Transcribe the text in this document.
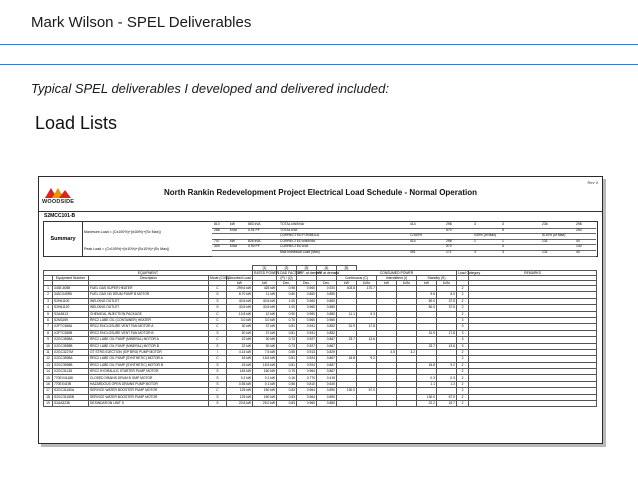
Mark Wilson - SPEL Deliverables
Typical SPEL deliverables I developed and delivered included:
Load Lists
WOODSIDE
North Rankin Redevelopment Project Electrical Load Schedule - Normal Operation
Rev 0
S2MCC101-B
Summary
Maximum Load = (Cx100%)+(Ix30%)+(Sx Max))
Peak Load = (Cx100%)+(Ix10%)+(Sx10%)+(Sx Max))
810	kW	683 kVA	TOTAL kW/kVAr	414	298	3	3	236	298
286	kVAr	0.91 PF	TOTAL kVA	570	5	294
CORRECTED FORMULA	C/100%	I/30% (of Max)	S/10% (of Max)
747	kW	626 kVA	CORRECTED kW/kVAr	414	298	1	1	131	40
304	kVAr	0.90 PF	CORRECTED kVA	570	4	140
Max Individual Load (Max)	491	171	3	3	131	40
					[1]	[2]	[3]	[4]	[5]							
EQUIPMENT					RATED POWER	LOAD FACTOR	EFF. at demand	PF at demand	CONSUMED POWER						Load Category	REMARKS
	Equipment Number	Description	Mode (C/I/S)	Absorbed Load		(P) / (Q)			Continuous (C)		Intermittent (I)		Standby (S)			
				kW	kW	Dec.	Dec.	Dec.	kW	kVAr	kW	kVAr	kW	kVAr		
1	343E-6058	FUEL GAS SUPER HEATER	C	299.6 kW	425 kW	0.98	0.960	0.920	403.8	170.7					2	
2	343CX45R6	FUEL GAS HD DRUM PUMP B MOTOR	S	8.70 kW	11 kW	0.80	0.860	0.850					9.6	6.0	2	
3	S2H61100	WELDING OUTLET	S	40.8 kW	40.8 kW	1.00	0.960	0.860					50.0	37.5	2	
4	S2H61120	WELDING OUTLET	S	40.8 kW	40.8 kW	1.00	0.960	0.860					50.0	37.5	2	
5	S2AA513	CHEMICAL INJECTION PACKAGE	C	10.8 kW	12 kW	0.90	0.960	0.880	11.1	6.3					2	
6	S2M3J59	RRC2 LUBE OIL (CONTAINER) HEATER	C	3.0 kW	3.0 kW	0.70	0.960	0.960							3	
7	X2FTC558A	RRC2 ENCLOSURE VENT FAN MOTOR A	C	30 kW	37 kW	0.81	0.941	0.852	31.9	17.8					3	
8	X2FTC558B	RRC2 ENCLOSURE VENT FAN MOTOR B	S	30 kW	37 kW	0.81	0.941	0.852					31.9	17.8	3	
9	X2GC3598A	RRC2 LUBE OIL PUMP (MINERAL) MOTOR A	C	22 kW	30 kW	0.73	0.927	0.867	23.7	13.6					3	
10	X2GC3598B	RRC2 LUBE OIL PUMP (MINERAL) MOTOR B	S	22 kW	30 kW	0.73	0.927	0.867					23.7	13.6	3	
11	X2GC3227M	GT STRG EJECTION (S/P BRG) PUMP MOTOR	I	4.14 kW	7.5 kW	0.55	0.913	0.829			4.5	3.2			2	
12	X2GC3598A	RRC2 LUBE OIL PUMP (SYNTHETIC) MOTOR A	C	15 kW	18.5 kW	0.81	0.924	0.867	16.8	9.2					2	
13	X2GC3598B	RRC2 LUBE OIL PUMP (SYNTHETIC) MOTOR B	S	15 kW	18.5 kW	0.81	0.924	0.867					16.8	9.2	2	
14	X2GC31138	RRC2 HYDRAULIC STARTER PUMP MOTOR	S	145 kW	160 kW	0.79	0.964	0.867							2	
15	770EX41188	CLOSED DRAINS DRUM B OMP MOTOR	S	0.2 kW	0.1 kW	0.16	0.770	0.415					0.3	0.3	2	
16	770EX4195	HAZARDOUS OPEN DRAINS PUMP MOTOR	S	0.55 kW	0.1 kW	0.56	0.810	0.640					1.1	1.3	2	
17	S2GC31180A	SERVICE WATER BOOSTER PUMP MOTOR	C	125 kW	150 kW	0.83	0.964	0.890	130.0	67.0					2	
18	S2GC31180B	SERVICE WATER BOOSTER PUMP MOTOR	S	125 kW	150 kW	0.83	0.964	0.890					130.0	67.0	2	
19	S2AA3238	DESINDATION UNIT S	S	20.8 kW	25.0 kW	0.83	0.960	0.860					22.2	19.7	2	
